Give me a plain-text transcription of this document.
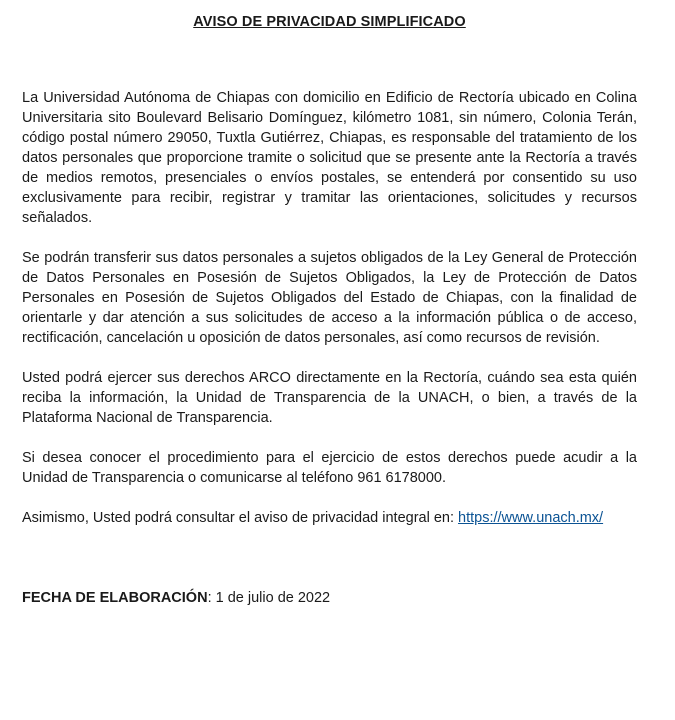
AVISO DE PRIVACIDAD SIMPLIFICADO

La Universidad Autónoma de Chiapas con domicilio en Edificio de Rectoría ubicado en Colina Universitaria sito Boulevard Belisario Domínguez, kilómetro 1081, sin número, Colonia Terán, código postal número 29050, Tuxtla Gutiérrez, Chiapas, es responsable del tratamiento de los datos personales que proporcione tramite o solicitud que se presente ante la Rectoría a través de medios remotos, presenciales o envíos postales, se entenderá por consentido su uso exclusivamente para recibir, registrar y tramitar las orientaciones, solicitudes y recursos señalados.

Se podrán transferir sus datos personales a sujetos obligados de la Ley General de Protección de Datos Personales en Posesión de Sujetos Obligados, la Ley de Protección de Datos Personales en Posesión de Sujetos Obligados del Estado de Chiapas, con la finalidad de orientarle y dar atención a sus solicitudes de acceso a la información pública o de acceso, rectificación, cancelación u oposición de datos personales, así como recursos de revisión.

Usted podrá ejercer sus derechos ARCO directamente en la Rectoría, cuándo sea esta quién reciba la información, la Unidad de Transparencia de la UNACH, o bien, a través de la Plataforma Nacional de Transparencia.

Si desea conocer el procedimiento para el ejercicio de estos derechos puede acudir a la Unidad de Transparencia o comunicarse al teléfono 961 6178000.

Asimismo, Usted podrá consultar el aviso de privacidad integral en: https://www.unach.mx/

FECHA DE ELABORACIÓN: 1 de julio de 2022
